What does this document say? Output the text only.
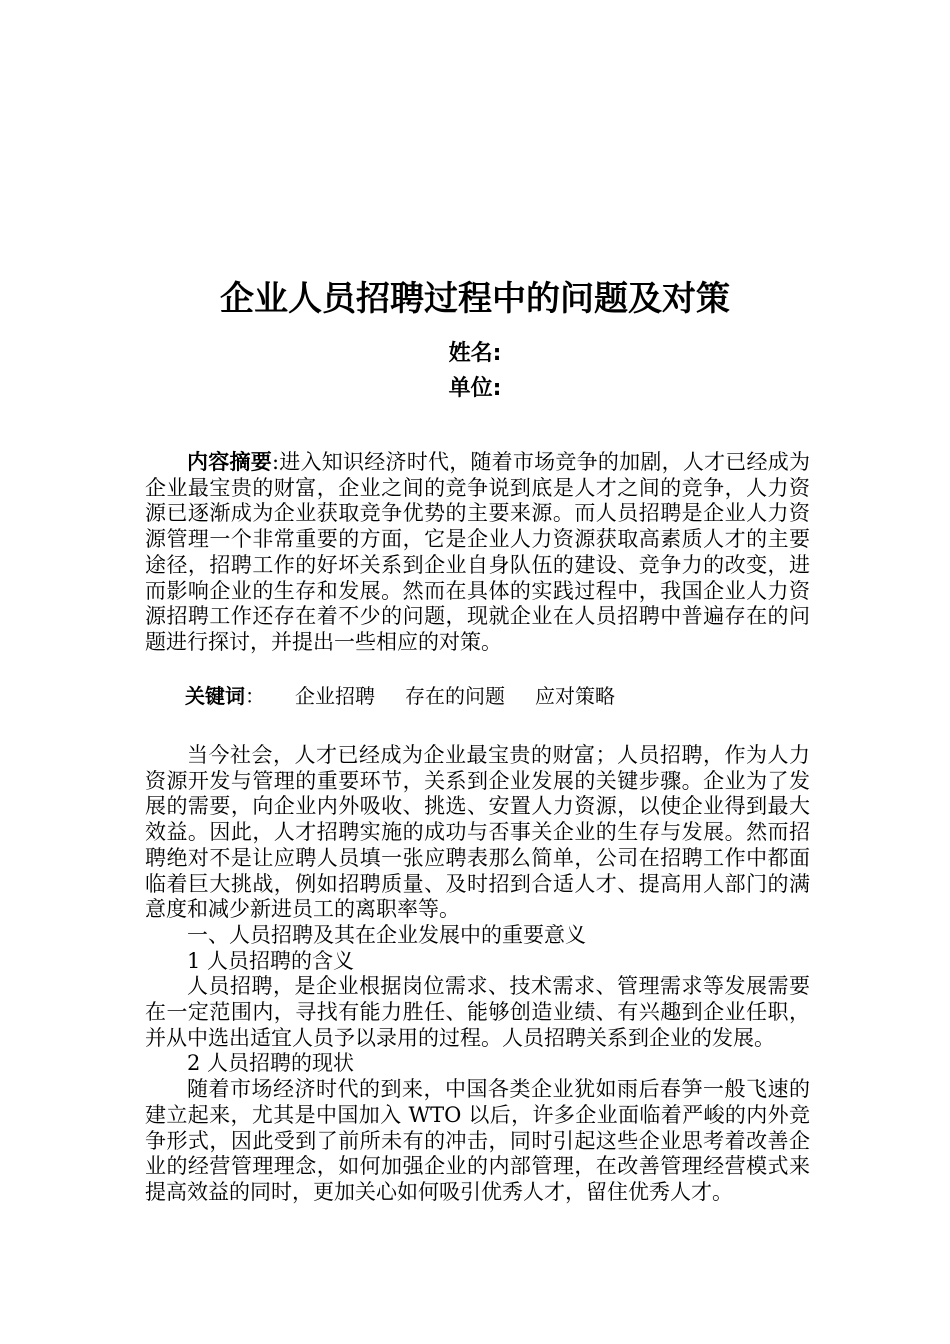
企业人员招聘过程中的问题及对策
姓名:
单位:

内容摘要:进入知识经济时代，随着市场竞争的加剧，人才已经成为企业最宝贵的财富，企业之间的竞争说到底是人才之间的竞争，人力资源已逐渐成为企业获取竞争优势的主要来源。而人员招聘是企业人力资源管理一个非常重要的方面，它是企业人力资源获取高素质人才的主要途径，招聘工作的好坏关系到企业自身队伍的建设、竞争力的改变，进而影响企业的生存和发展。然而在具体的实践过程中，我国企业人力资源招聘工作还存在着不少的问题，现就企业在人员招聘中普遍存在的问题进行探讨，并提出一些相应的对策。

关键词： 企业招聘 存在的问题 应对策略

当今社会，人才已经成为企业最宝贵的财富；人员招聘，作为人力资源开发与管理的重要环节，关系到企业发展的关键步骤。企业为了发展的需要，向企业内外吸收、挑选、安置人力资源，以使企业得到最大效益。因此，人才招聘实施的成功与否事关企业的生存与发展。然而招聘绝对不是让应聘人员填一张应聘表那么简单，公司在招聘工作中都面临着巨大挑战，例如招聘质量、及时招到合适人才、提高用人部门的满意度和减少新进员工的离职率等。

一、人员招聘及其在企业发展中的重要意义

1 人员招聘的含义

人员招聘，是企业根据岗位需求、技术需求、管理需求等发展需要在一定范围内，寻找有能力胜任、能够创造业绩、有兴趣到企业任职，并从中选出适宜人员予以录用的过程。人员招聘关系到企业的发展。

2 人员招聘的现状

随着市场经济时代的到来，中国各类企业犹如雨后春笋一般飞速的建立起来，尤其是中国加入 WTO 以后，许多企业面临着严峻的内外竞争形式，因此受到了前所未有的冲击，同时引起这些企业思考着改善企业的经营管理理念，如何加强企业的内部管理，在改善管理经营模式来提高效益的同时，更加关心如何吸引优秀人才，留住优秀人才。
